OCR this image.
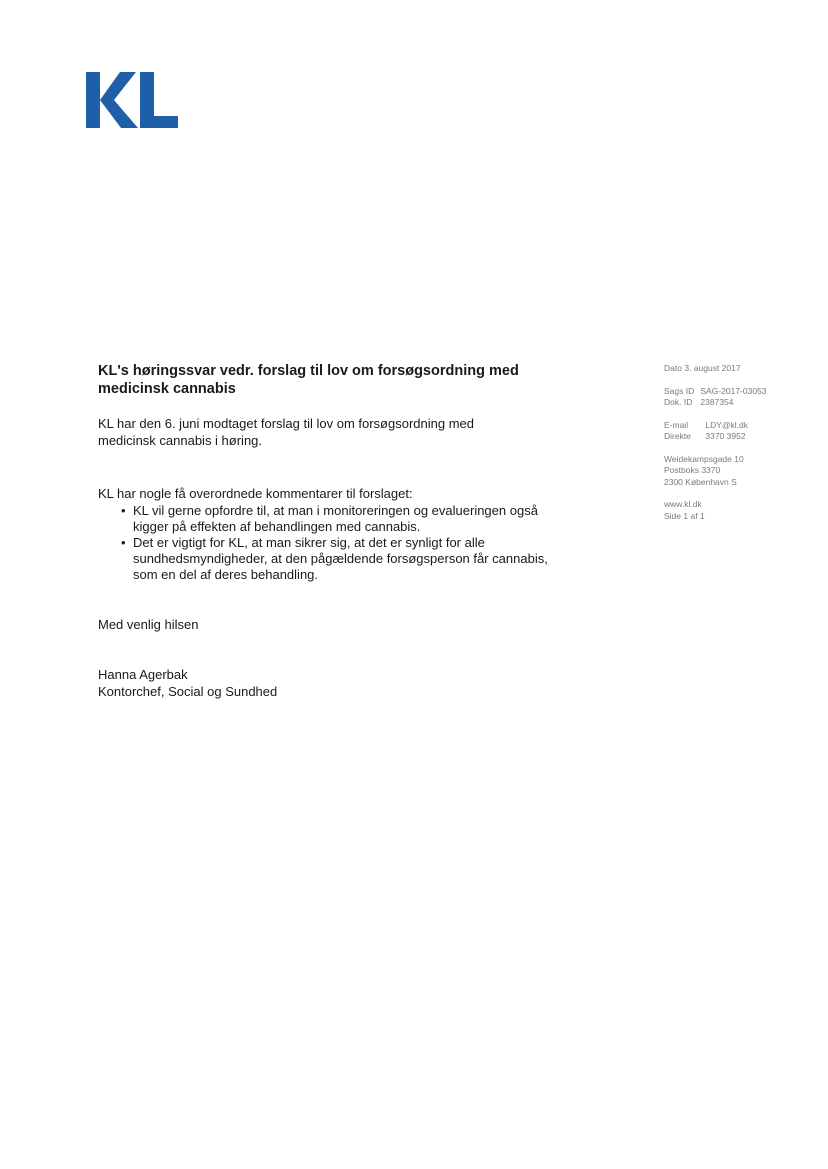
KL's høringssvar vedr. forslag til lov om forsøgsordning med medicinsk cannabis

KL har den 6. juni modtaget forslag til lov om forsøgsordning med medicinsk cannabis i høring.

KL har nogle få overordnede kommentarer til forslaget:

• KL vil gerne opfordre til, at man i monitoreringen og evalueringen også kigger på effekten af behandlingen med cannabis.
• Det er vigtigt for KL, at man sikrer sig, at det er synligt for alle sundhedsmyndigheder, at den pågældende forsøgsperson får cannabis, som en del af deres behandling.

Med venlig hilsen

Hanna Agerbak
Kontorchef, Social og Sundhed
Dato 3. august 2017
Sags ID SAG-2017-03053
Dok. ID 2387354
E-mail LDY@kl.dk
Direkte 3370 3952
Weidekampsgade 10
Postboks 3370
2300 København S
www.kl.dk
Side 1 af 1
